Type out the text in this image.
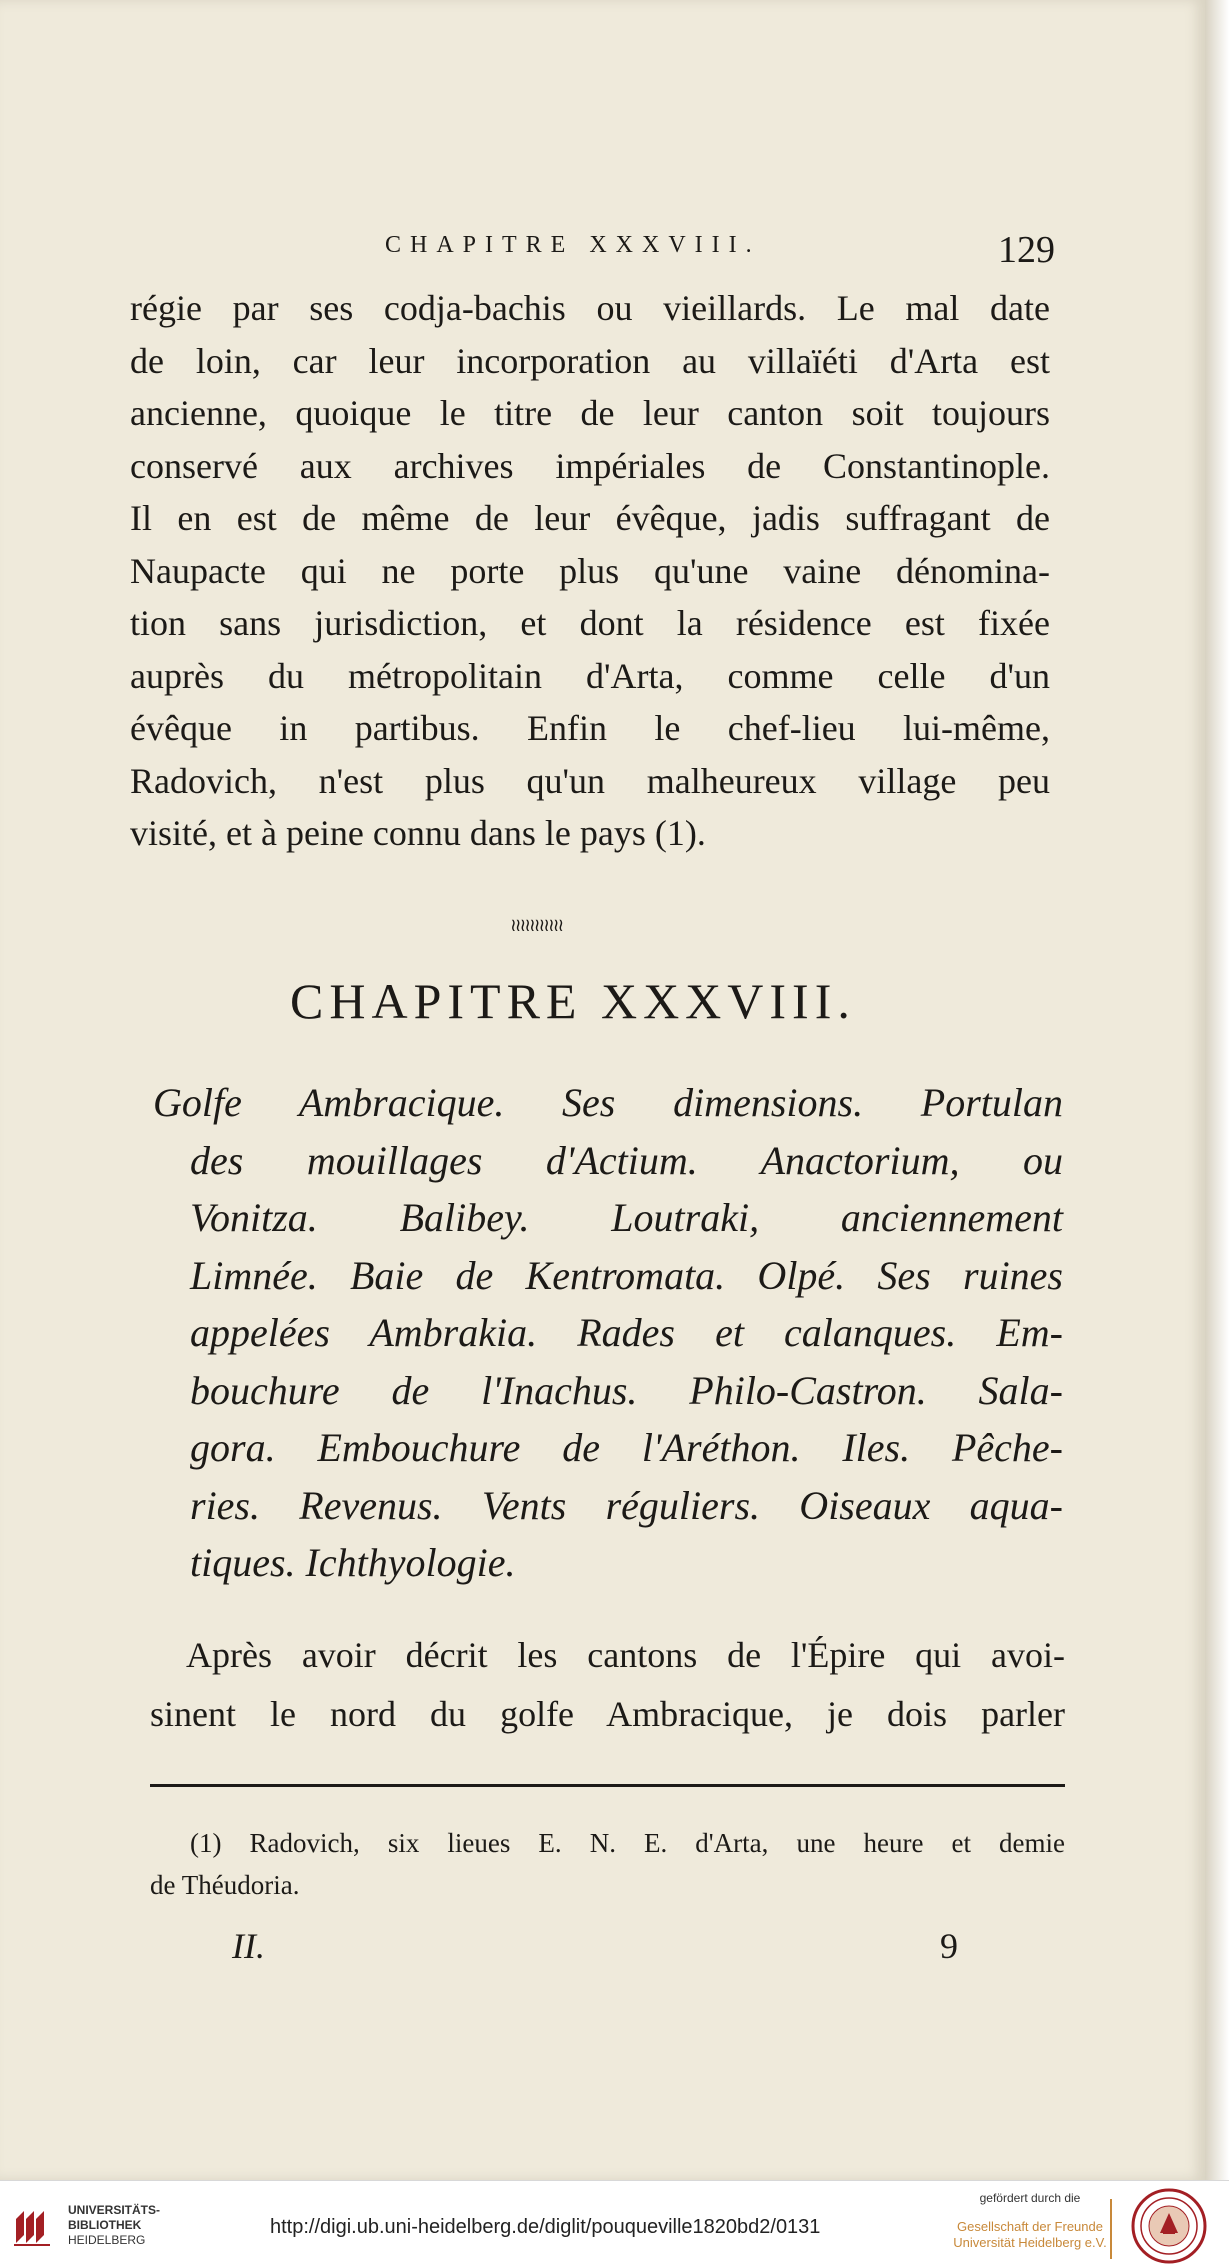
CHAPITRE XXXVIII.	129
régie par ses codja-bachis ou vieillards. Le mal date
de loin, car leur incorporation au villaïéti d'Arta est
ancienne, quoique le titre de leur canton soit toujours
conservé aux archives impériales de Constantinople.
Il en est de même de leur évêque, jadis suffragant de
Naupacte qui ne porte plus qu'une vaine dénomina-
tion sans jurisdiction, et dont la résidence est fixée
auprès du métropolitain d'Arta, comme celle d'un
évêque in partibus. Enfin le chef-lieu lui-même,
Radovich, n'est plus qu'un malheureux village peu
visité, et à peine connu dans le pays (1).
≀≀≀≀≀≀≀≀≀≀≀
CHAPITRE XXXVIII.
Golfe Ambracique. Ses dimensions. Portulan
des mouillages d'Actium. Anactorium, ou
Vonitza. Balibey. Loutraki, anciennement
Limnée. Baie de Kentromata. Olpé. Ses ruines
appelées Ambrakia. Rades et calanques. Em-
bouchure de l'Inachus. Philo-Castron. Sala-
gora. Embouchure de l'Aréthon. Iles. Pêche-
ries. Revenus. Vents réguliers. Oiseaux aqua-
tiques. Ichthyologie.
Après avoir décrit les cantons de l'Épire qui avoi-
sinent le nord du golfe Ambracique, je dois parler
(1) Radovich, six lieues E. N. E. d'Arta, une heure et demie
de Théudoria.
II.	9
UNIVERSITÄTS-
BIBLIOTHEK
HEIDELBERG
http://digi.ub.uni-heidelberg.de/diglit/pouqueville1820bd2/0131
gefördert durch die
Gesellschaft der Freunde
Universität Heidelberg e.V.
